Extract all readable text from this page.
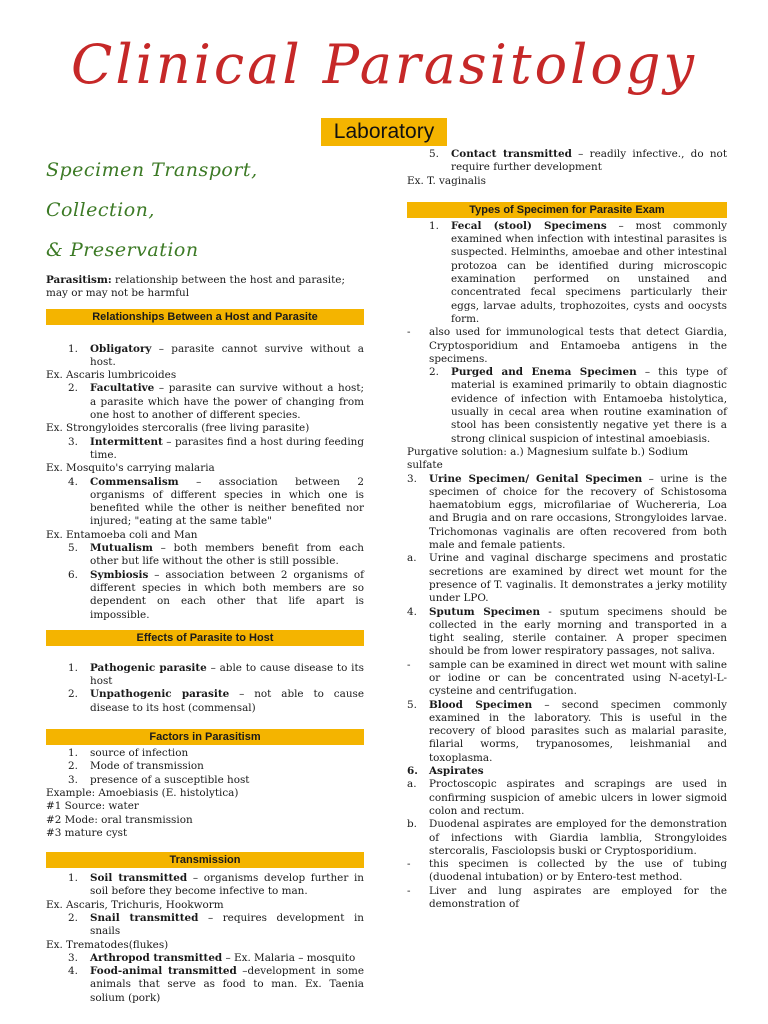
Clinical Parasitology
Laboratory
Specimen Transport, Collection,
& Preservation

Parasitism: relationship between the host and parasite; may or may not be harmful

Relationships Between a Host and Parasite
1.	Obligatory – parasite cannot survive without a host.
Ex. Ascaris lumbricoides
2.	Facultative – parasite can survive without a host; a parasite which have the power of changing from one host to another of different species.
Ex. Strongyloides stercoralis (free living parasite)
3.	Intermittent – parasites find a host during feeding time.
Ex. Mosquito's carrying malaria
4.	Commensalism – association between 2 organisms of different species in which one is benefited while the other is neither benefited nor injured; "eating at the same table"
Ex. Entamoeba coli and Man
5.	Mutualism – both members benefit from each other but life without the other is still possible.
6.	Symbiosis – association between 2 organisms of different species in which both members are so dependent on each other that life apart is impossible.
Effects of Parasite to Host
1.	Pathogenic parasite – able to cause disease to its host
2.	Unpathogenic parasite – not able to cause disease to its host (commensal)
Factors in Parasitism
1.	source of infection
2.	Mode of transmission
3.	presence of a susceptible host
Example: Amoebiasis (E. histolytica)
#1 Source: water
#2 Mode: oral transmission
#3 mature cyst
Transmission
1.	Soil transmitted – organisms develop further in soil before they become infective to man.
Ex. Ascaris, Trichuris, Hookworm
2.	Snail transmitted – requires development in snails
Ex. Trematodes(flukes)
3.	Arthropod transmitted – Ex. Malaria – mosquito
4.	Food-animal transmitted –development in some animals that serve as food to man. Ex. Taenia solium (pork)
5.	Contact transmitted – readily infective., do not require further development
Ex. T. vaginalis
Types of Specimen for Parasite Exam
1.	Fecal (stool) Specimens – most commonly examined when infection with intestinal parasites is suspected. Helminths, amoebae and other intestinal protozoa can be identified during microscopic examination performed on unstained and concentrated fecal specimens particularly their eggs, larvae adults, trophozoites, cysts and oocysts form.
-	also used for immunological tests that detect Giardia, Cryptosporidium and Entamoeba antigens in the specimens.
2.	Purged and Enema Specimen – this type of material is examined primarily to obtain diagnostic evidence of infection with Entamoeba histolytica, usually in cecal area when routine examination of stool has been consistently negative yet there is a strong clinical suspicion of intestinal amoebiasis.
Purgative solution: a.) Magnesium sulfate b.) Sodium sulfate
3.	Urine Specimen/ Genital Specimen – urine is the specimen of choice for the recovery of Schistosoma haematobium eggs, microfilariae of Wuchereria, Loa and Brugia and on rare occasions, Strongyloides larvae. Trichomonas vaginalis are often recovered from both male and female patients.
a.	Urine and vaginal discharge specimens and prostatic secretions are examined by direct wet mount for the presence of T. vaginalis. It demonstrates a jerky motility under LPO.
4.	Sputum Specimen - sputum specimens should be collected in the early morning and transported in a tight sealing, sterile container. A proper specimen should be from lower respiratory passages, not saliva.
-	sample can be examined in direct wet mount with saline or iodine or can be concentrated using N-acetyl-L-cysteine and centrifugation.
5.	Blood Specimen – second specimen commonly examined in the laboratory. This is useful in the recovery of blood parasites such as malarial parasite, filarial worms, trypanosomes, leishmanial and toxoplasma.
6.	Aspirates
a.	Proctoscopic aspirates and scrapings are used in confirming suspicion of amebic ulcers in lower sigmoid colon and rectum.
b.	Duodenal aspirates are employed for the demonstration of infections with Giardia lamblia, Strongyloides stercoralis, Fasciolopsis buski or Cryptosporidium.
-	this specimen is collected by the use of tubing (duodenal intubation) or by Entero-test method.
-	Liver and lung aspirates are employed for the demonstration of
